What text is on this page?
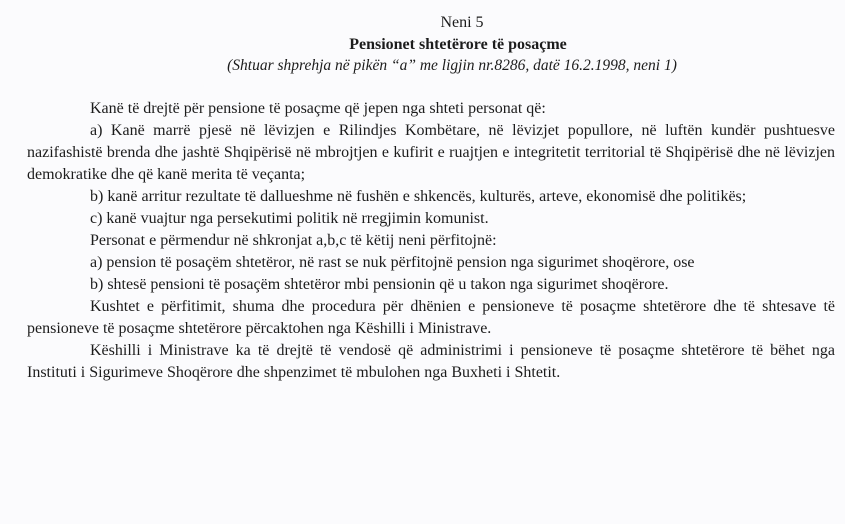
Neni 5
Pensionet shtetërore të posaçme
(Shtuar shprehja në pikën “a” me ligjin nr.8286, datë 16.2.1998, neni 1)

Kanë të drejtë për pensione të posaçme që jepen nga shteti personat që:

a) Kanë marrë pjesë në lëvizjen e Rilindjes Kombëtare, në lëvizjet popullore, në luftën kundër pushtuesve nazifashistë brenda dhe jashtë Shqipërisë në mbrojtjen e kufirit e ruajtjen e integritetit territorial të Shqipërisë dhe në lëvizjen demokratike dhe që kanë merita të veçanta;

b) kanë arritur rezultate të dallueshme në fushën e shkencës, kulturës, arteve, ekonomisë dhe politikës;

c) kanë vuajtur nga persekutimi politik në rregjimin komunist.

Personat e përmendur në shkronjat a,b,c të këtij neni përfitojnë:

a) pension të posaçëm shtetëror, në rast se nuk përfitojnë pension nga sigurimet shoqërore, ose

b) shtesë pensioni të posaçëm shtetëror mbi pensionin që u takon nga sigurimet shoqërore.

Kushtet e përfitimit, shuma dhe procedura për dhënien e pensioneve të posaçme shtetërore dhe të shtesave të pensioneve të posaçme shtetërore përcaktohen nga Këshilli i Ministrave.

Këshilli i Ministrave ka të drejtë të vendosë që administrimi i pensioneve të posaçme shtetërore të bëhet nga Instituti i Sigurimeve Shoqërore dhe shpenzimet të mbulohen nga Buxheti i Shtetit.
